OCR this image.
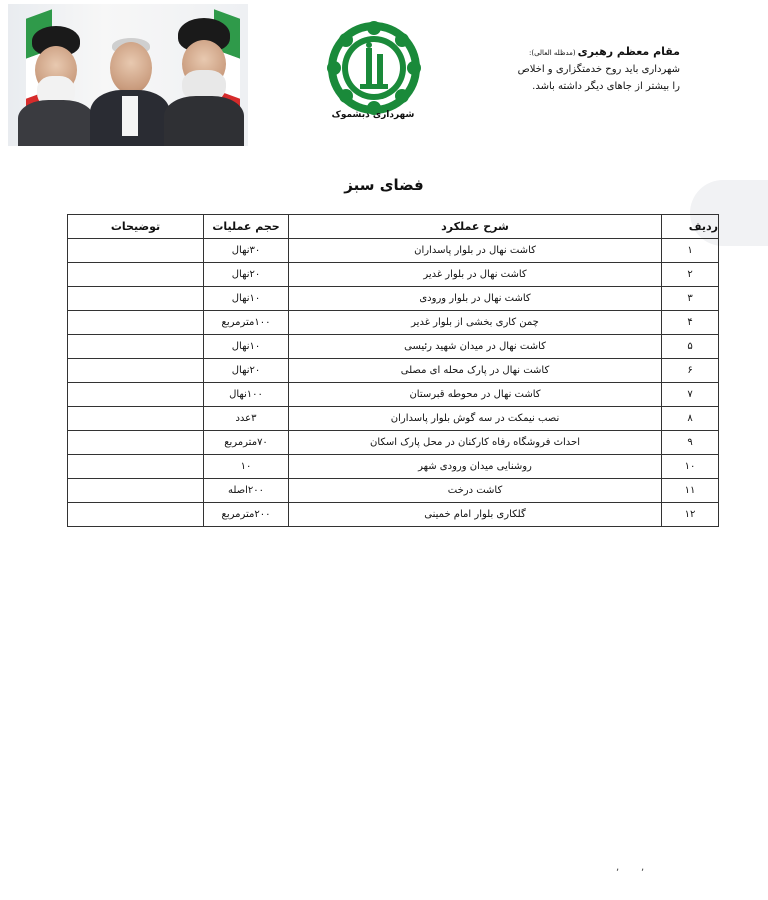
شهرداری دبشموک
مقام معظم رهبری(مدظله العالی):
شهرداری باید روح خدمتگزاری و اخلاص
را بیشتر از جاهای دیگر داشته باشد.
فضای سبز
ردیف	شرح عملکرد	حجم عملیات	توضیحات
۱	کاشت نهال در بلوار پاسداران	۳۰نهال	
۲	کاشت نهال در بلوار غدیر	۲۰نهال	
۳	کاشت نهال در بلوار ورودی	۱۰نهال	
۴	چمن کاری بخشی از بلوار غدیر	۱۰۰مترمربع	
۵	کاشت نهال در میدان شهید رئیسی	۱۰نهال	
۶	کاشت نهال در پارک محله ای مصلی	۲۰نهال	
۷	کاشت نهال در محوطه قبرستان	۱۰۰نهال	
۸	نصب نیمکت در سه گوش بلوار پاسداران	۳عدد	
۹	احداث فروشگاه رفاه کارکنان در محل پارک اسکان	۷۰مترمربع	
۱۰	روشنایی میدان ورودی شهر	۱۰	
۱۱	کاشت درخت	۲۰۰اصله	
۱۲	گلکاری بلوار امام خمینی	۲۰۰مترمربع	
, ,
